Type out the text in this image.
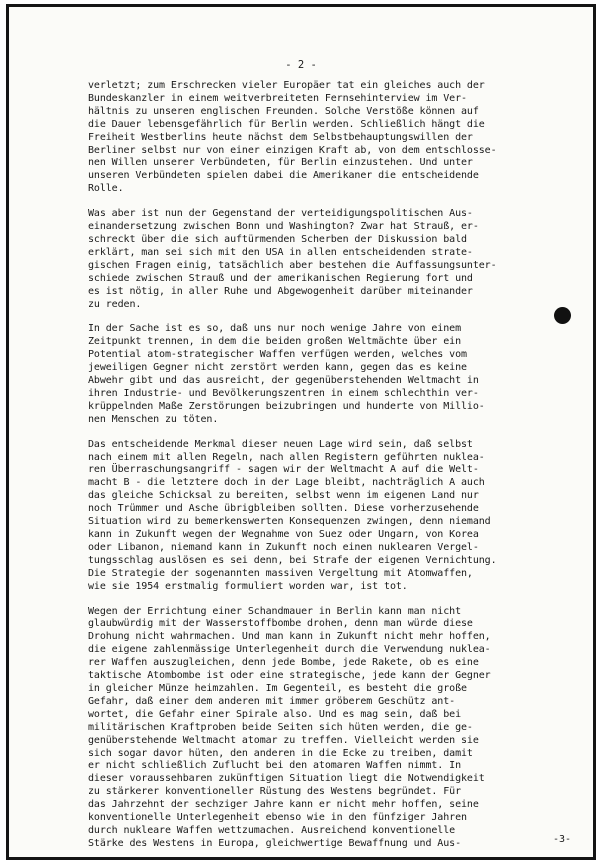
- 2 -
verletzt; zum Erschrecken vieler Europäer tat ein gleiches auch der
Bundeskanzler in einem weitverbreiteten Fernsehinterview im Ver-
hältnis zu unseren englischen Freunden. Solche Verstöße können auf
die Dauer lebensgefährlich für Berlin werden. Schließlich hängt die
Freiheit Westberlins heute nächst dem Selbstbehauptungswillen der
Berliner selbst nur von einer einzigen Kraft ab, von dem entschlosse-
nen Willen unserer Verbündeten, für Berlin einzustehen. Und unter
unseren Verbündeten spielen dabei die Amerikaner die entscheidende
Rolle.
Was aber ist nun der Gegenstand der verteidigungspolitischen Aus-
einandersetzung zwischen Bonn und Washington? Zwar hat Strauß, er-
schreckt über die sich auftürmenden Scherben der Diskussion bald
erklärt, man sei sich mit den USA in allen entscheidenden strate-
gischen Fragen einig, tatsächlich aber bestehen die Auffassungsunter-
schiede zwischen Strauß und der amerikanischen Regierung fort und
es ist nötig, in aller Ruhe und Abgewogenheit darüber miteinander
zu reden.
In der Sache ist es so, daß uns nur noch wenige Jahre von einem
Zeitpunkt trennen, in dem die beiden großen Weltmächte über ein
Potential atom-strategischer Waffen verfügen werden, welches vom
jeweiligen Gegner nicht zerstört werden kann, gegen das es keine
Abwehr gibt und das ausreicht, der gegenüberstehenden Weltmacht in
ihren Industrie- und Bevölkerungszentren in einem schlechthin ver-
krüppelnden Maße Zerstörungen beizubringen und hunderte von Millio-
nen Menschen zu töten.
Das entscheidende Merkmal dieser neuen Lage wird sein, daß selbst
nach einem mit allen Regeln, nach allen Registern geführten nuklea-
ren Überraschungsangriff - sagen wir der Weltmacht A auf die Welt-
macht B - die letztere doch in der Lage bleibt, nachträglich A auch
das gleiche Schicksal zu bereiten, selbst wenn im eigenen Land nur
noch Trümmer und Asche übrigbleiben sollten. Diese vorherzusehende
Situation wird zu bemerkenswerten Konsequenzen zwingen, denn niemand
kann in Zukunft wegen der Wegnahme von Suez oder Ungarn, von Korea
oder Libanon, niemand kann in Zukunft noch einen nuklearen Vergel-
tungsschlag auslösen es sei denn, bei Strafe der eigenen Vernichtung.
Die Strategie der sogenannten massiven Vergeltung mit Atomwaffen,
wie sie 1954 erstmalig formuliert worden war, ist tot.
Wegen der Errichtung einer Schandmauer in Berlin kann man nicht
glaubwürdig mit der Wasserstoffbombe drohen, denn man würde diese
Drohung nicht wahrmachen. Und man kann in Zukunft nicht mehr hoffen,
die eigene zahlenmässige Unterlegenheit durch die Verwendung nuklea-
rer Waffen auszugleichen, denn jede Bombe, jede Rakete, ob es eine
taktische Atombombe ist oder eine strategische, jede kann der Gegner
in gleicher Münze heimzahlen. Im Gegenteil, es besteht die große
Gefahr, daß einer dem anderen mit immer gröberem Geschütz ant-
wortet, die Gefahr einer Spirale also. Und es mag sein, daß bei
militärischen Kraftproben beide Seiten sich hüten werden, die ge-
genüberstehende Weltmacht atomar zu treffen. Vielleicht werden sie
sich sogar davor hüten, den anderen in die Ecke zu treiben, damit
er nicht schließlich Zuflucht bei den atomaren Waffen nimmt. In
dieser voraussehbaren zukünftigen Situation liegt die Notwendigkeit
zu stärkerer konventioneller Rüstung des Westens begründet. Für
das Jahrzehnt der sechziger Jahre kann er nicht mehr hoffen, seine
konventionelle Unterlegenheit ebenso wie in den fünfziger Jahren
durch nukleare Waffen wettzumachen. Ausreichend konventionelle
Stärke des Westens in Europa, gleichwertige Bewaffnung und Aus-	-3-
